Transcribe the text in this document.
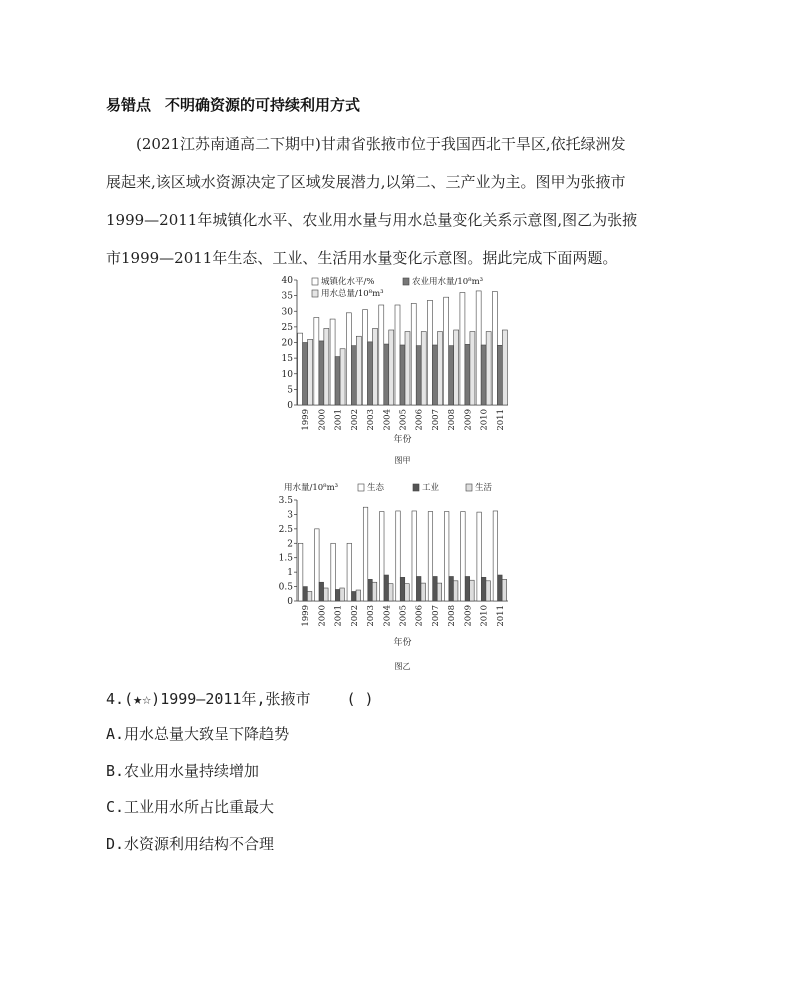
易错点 不明确资源的可持续利用方式
(2021江苏南通高二下期中)甘肃省张掖市位于我国西北干旱区,依托绿洲发
展起来,该区域水资源决定了区域发展潜力,以第二、三产业为主。图甲为张掖市
1999—2011年城镇化水平、农业用水量与用水总量变化关系示意图,图乙为张掖
市1999—2011年生态、工业、生活用水量变化示意图。据此完成下面两题。
0
5
10
15
20
25
30
35
40
1999 2000 2001 2002 2003 2004 2005 2006 2007 2008 2009 2010 2011
年份
图甲
城镇化水平/%	农业用水量/10⁸m³
用水总量/10⁸m³
0
0.5
1
1.5
2
2.5
3
3.5
1999 2000 2001 2002 2003 2004 2005 2006 2007 2008 2009 2010 2011
年份
图乙
生态	工业	生活
用水量/10⁸m³
4.(★☆)1999—2011年,张掖市 ( )
A.用水总量大致呈下降趋势
B.农业用水量持续增加
C.工业用水所占比重最大
D.水资源利用结构不合理
